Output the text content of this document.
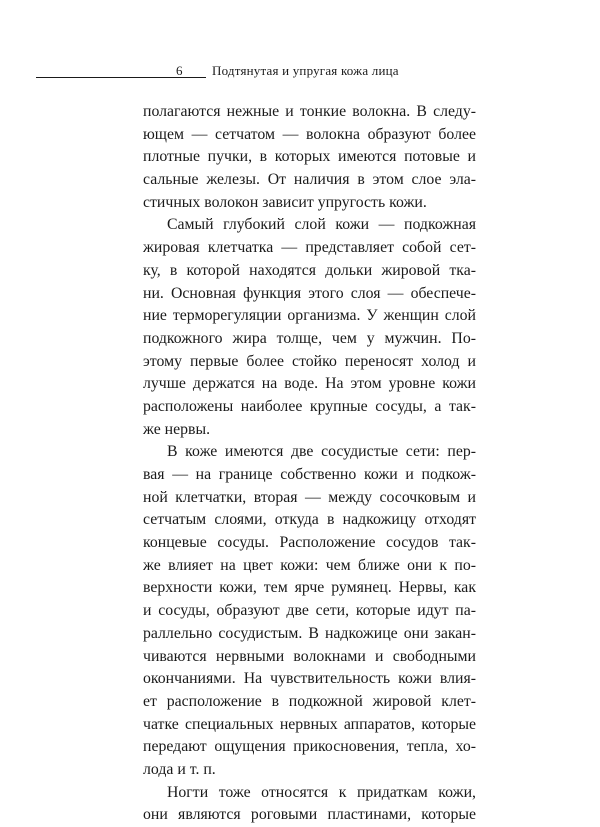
6 Подтянутая и упругая кожа лица
полагаются нежные и тонкие волокна. В следу-
ющем — сетчатом — волокна образуют более
плотные пучки, в которых имеются потовые и
сальные железы. От наличия в этом слое эла-
стичных волокон зависит упругость кожи.
Самый глубокий слой кожи — подкожная
жировая клетчатка — представляет собой сет-
ку, в которой находятся дольки жировой тка-
ни. Основная функция этого слоя — обеспече-
ние терморегуляции организма. У женщин слой
подкожного жира толще, чем у мужчин. По-
этому первые более стойко переносят холод и
лучше держатся на воде. На этом уровне кожи
расположены наиболее крупные сосуды, а так-
же нервы.
В коже имеются две сосудистые сети: пер-
вая — на границе собственно кожи и подкож-
ной клетчатки, вторая — между сосочковым и
сетчатым слоями, откуда в надкожицу отходят
концевые сосуды. Расположение сосудов так-
же влияет на цвет кожи: чем ближе они к по-
верхности кожи, тем ярче румянец. Нервы, как
и сосуды, образуют две сети, которые идут па-
раллельно сосудистым. В надкожице они закан-
чиваются нервными волокнами и свободными
окончаниями. На чувствительность кожи влия-
ет расположение в подкожной жировой клет-
чатке специальных нервных аппаратов, которые
передают ощущения прикосновения, тепла, хо-
лода и т. п.
Ногти тоже относятся к придаткам кожи,
они являются роговыми пластинами, которые
